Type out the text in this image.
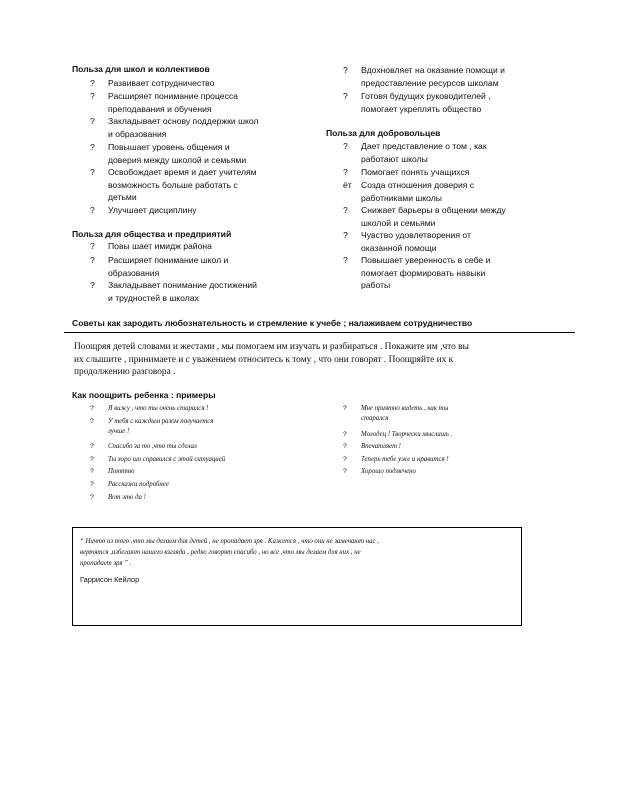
Польза для школ и коллективов
? Развивает сотрудничество
? Расширяет понимание процесса
преподавания и обучения
? Закладывает основу поддержки школ
и образования
? Повышает уровень общения и
доверия между школой и семьями
? Освобождает время и дает учителям
возможность больше работать с
детьми
? Улучшает дисциплину
Польза для общества и предприятий
? Повы шает имидж района
? Расширяет понимание школ и
образования
? Закладывает понимание достижений
и трудностей в школах
? Вдохновляет на оказание помощи и
предоставление ресурсов школам
? Готовя будущих руководителей ,
помогает укреплять общество
Польза для добровольцев
? Дает представление о том , как
работают школы
? Помогает понять учащихся
ёт Созда отношения доверия с
работниками школы
? Снижает барьеры в общении между
школой и семьями
? Чувство удовлетворения от
оказанной помощи
? Повышает уверенность в себе и
помогает формировать навыки
работы
Советы как зародить любознательность и стремление к учебе ; налаживаем сотрудничество
Поощряя детей словами и жестами , мы помогаем им изучать и разбираться . Покажите им ,что вы
их слышите , принимаете и с уважением относитесь к тому , что они говорят . Поощряйте их к
продолжению разговора .
Как поощрить ребенка : примеры
? Я вижу , что ты очень старался !
? У тебя с каждым разом получается
лучше !
? Спасибо за то ,что ты сделал
? Ты хоро шо справился с этой ситуацией
? Понятно
? Расскажи подробнее
? Вот это да !
? Мне приятно видеть , как ты
старался
? Молодец ! Творчески мыслишь .
? Впечатляет !
? Теперь тебе уже и нравится !
? Хорошо подмечено
“ Ничто из того ,что мы делаем для детей , не пропадает зря . Кажется , что они не замечают нас ,
вертятся ,избегают нашего взгляда , редко говорят спасибо , но все ,что мы делаем для них , не
пропадает зря ” .
Гаррисон Кейлор
